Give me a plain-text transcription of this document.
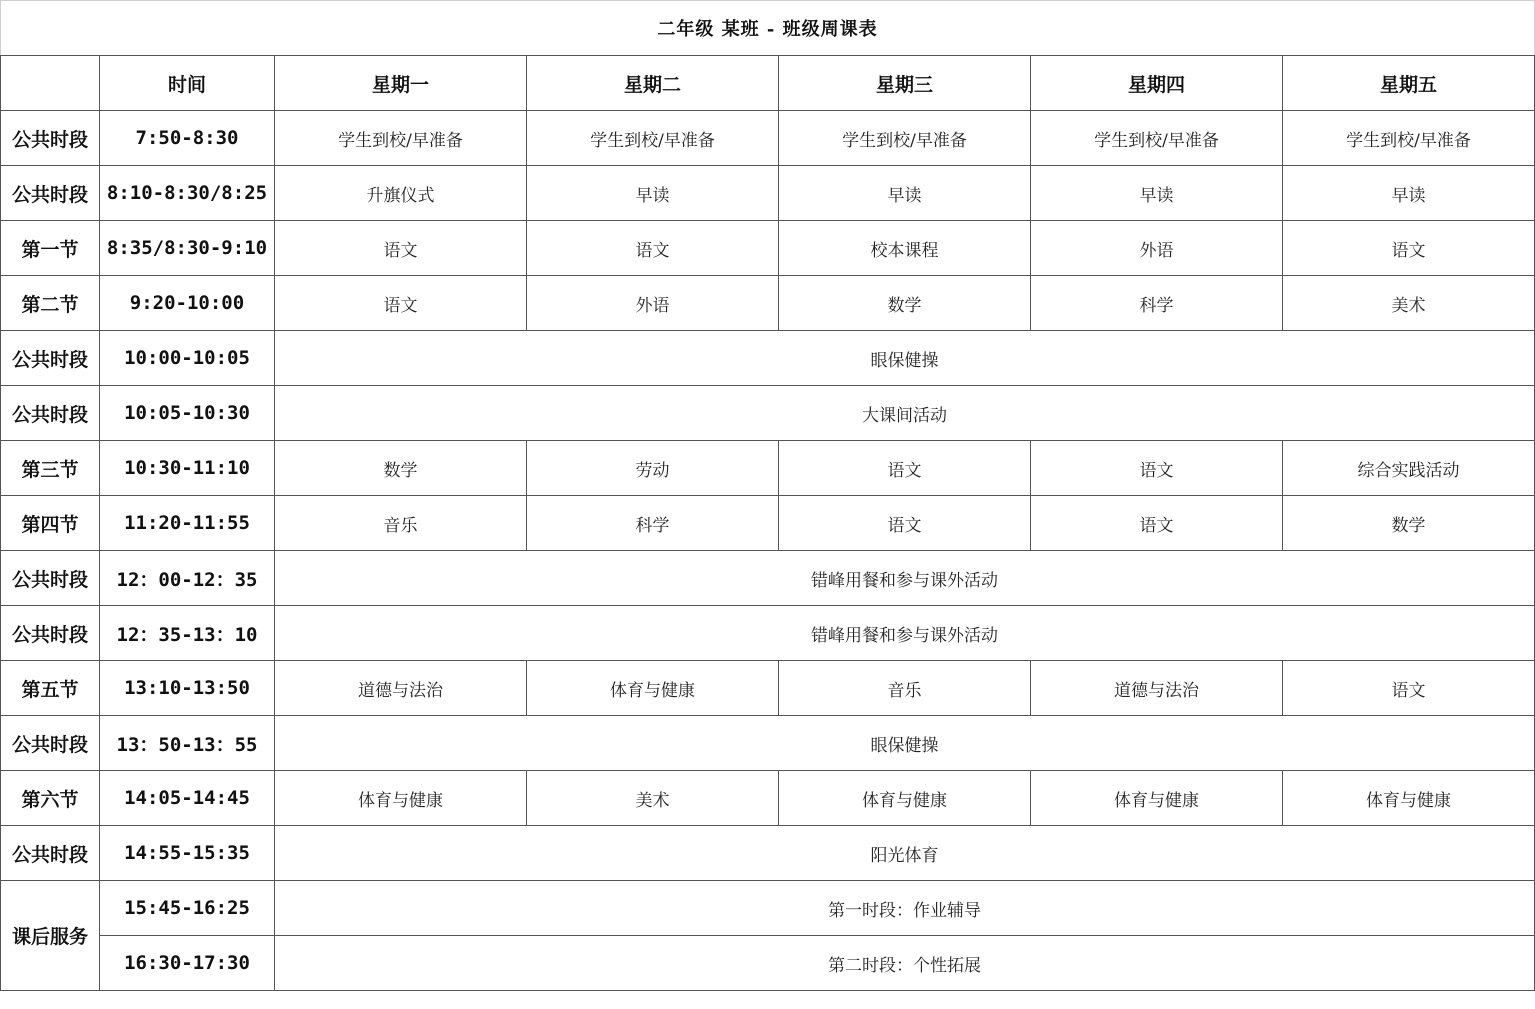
二年级 某班 - 班级周课表						
	时间	星期一	星期二	星期三	星期四	星期五
公共时段	7:50-8:30	学生到校/早准备	学生到校/早准备	学生到校/早准备	学生到校/早准备	学生到校/早准备
公共时段	8:10-8:30/8:25	升旗仪式	早读	早读	早读	早读
第一节	8:35/8:30-9:10	语文	语文	校本课程	外语	语文
第二节	9:20-10:00	语文	外语	数学	科学	美术
公共时段	10:00-10:05	眼保健操				
公共时段	10:05-10:30	大课间活动				
第三节	10:30-11:10	数学	劳动	语文	语文	综合实践活动
第四节	11:20-11:55	音乐	科学	语文	语文	数学
公共时段	12：00-12：35	错峰用餐和参与课外活动				
公共时段	12：35-13：10	错峰用餐和参与课外活动				
第五节	13:10-13:50	道德与法治	体育与健康	音乐	道德与法治	语文
公共时段	13：50-13：55	眼保健操				
第六节	14:05-14:45	体育与健康	美术	体育与健康	体育与健康	体育与健康
公共时段	14:55-15:35	阳光体育				
课后服务	15:45-16:25	第一时段：作业辅导				
	16:30-17:30	第二时段：个性拓展				
